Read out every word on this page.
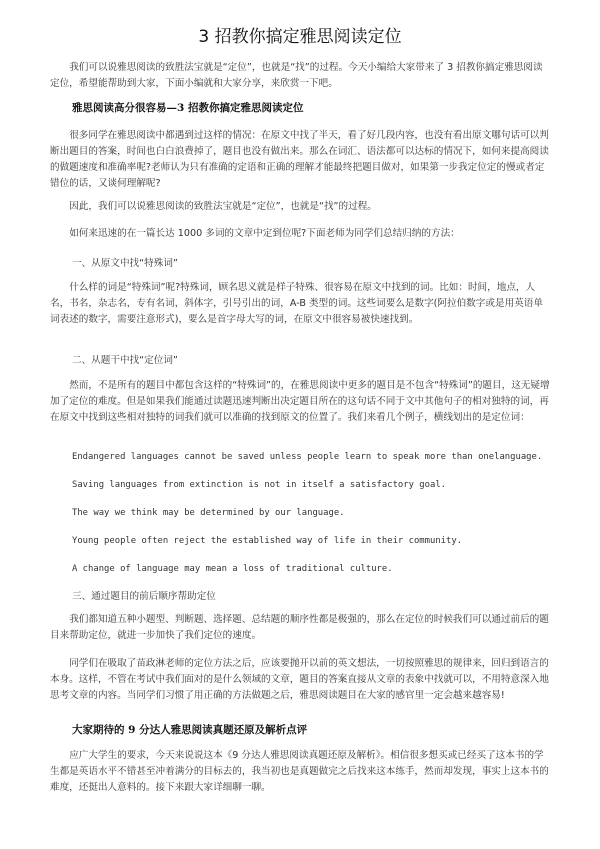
3 招教你搞定雅思阅读定位

我们可以说雅思阅读的致胜法宝就是“定位”，也就是“找”的过程。今天小编给大家带来了 3 招教你搞定雅思阅读定位，希望能帮助到大家，下面小编就和大家分享，来欣赏一下吧。

雅思阅读高分很容易—3 招教你搞定雅思阅读定位

很多同学在雅思阅读中都遇到过这样的情况：在原文中找了半天，看了好几段内容，也没有看出原文哪句话可以判断出题目的答案，时间也白白浪费掉了，题目也没有做出来。那么在词汇、语法都可以达标的情况下，如何来提高阅读的做题速度和准确率呢?老师认为只有准确的定语和正确的理解才能最终把题目做对，如果第一步我定位定的慢或者定错位的话，又谈何理解呢?

因此，我们可以说雅思阅读的致胜法宝就是“定位”，也就是“找”的过程。

如何来迅速的在一篇长达 1000 多词的文章中定到位呢?下面老师为同学们总结归纳的方法：

一、从原文中找“特殊词”

什么样的词是“特殊词”呢?特殊词，顾名思义就是样子特殊、很容易在原文中找到的词。比如：时间，地点，人名，书名，杂志名，专有名词，斜体字，引号引出的词，A-B 类型的词。这些词要么是数字(阿拉伯数字或是用英语单词表述的数字，需要注意形式)，要么是首字母大写的词，在原文中很容易被快速找到。

二、从题干中找“定位词”

然而，不是所有的题目中都包含这样的“特殊词”的，在雅思阅读中更多的题目是不包含“特殊词”的题目，这无疑增加了定位的难度。但是如果我们能通过读题迅速判断出决定题目所在的这句话不同于文中其他句子的相对独特的词，再在原文中找到这些相对独特的词我们就可以准确的找到原文的位置了。我们来看几个例子，横线划出的是定位词：

Endangered languages cannot be saved unless people learn to speak more than onelanguage.
Saving languages from extinction is not in itself a satisfactory goal.
The way we think may be determined by our language.
Young people often reject the established way of life in their community.
A change of language may mean a loss of traditional culture.
三、通过题目的前后顺序帮助定位

我们都知道五种小题型、判断题、选择题、总结题的顺序性都是极强的，那么在定位的时候我们可以通过前后的题目来帮助定位，就进一步加快了我们定位的速度。

同学们在吸取了苗政淋老师的定位方法之后，应该要抛开以前的英文想法，一切按照雅思的规律来，回归到语言的本身。这样，不管在考试中我们面对的是什么领域的文章，题目的答案直接从文章的表象中找就可以，不用特意深入地思考文章的内容。当同学们习惯了用正确的方法做题之后，雅思阅读题目在大家的感官里一定会越来越容易!

大家期待的 9 分达人雅思阅读真题还原及解析点评

应广大学生的要求，今天来说说这本《9 分达人雅思阅读真题还原及解析》。相信很多想买或已经买了这本书的学生都是英语水平不错甚至冲着满分的目标去的，我当初也是真题做完之后找来这本练手，然而却发现，事实上这本书的难度，还挺出人意料的。接下来跟大家详细聊一聊。
